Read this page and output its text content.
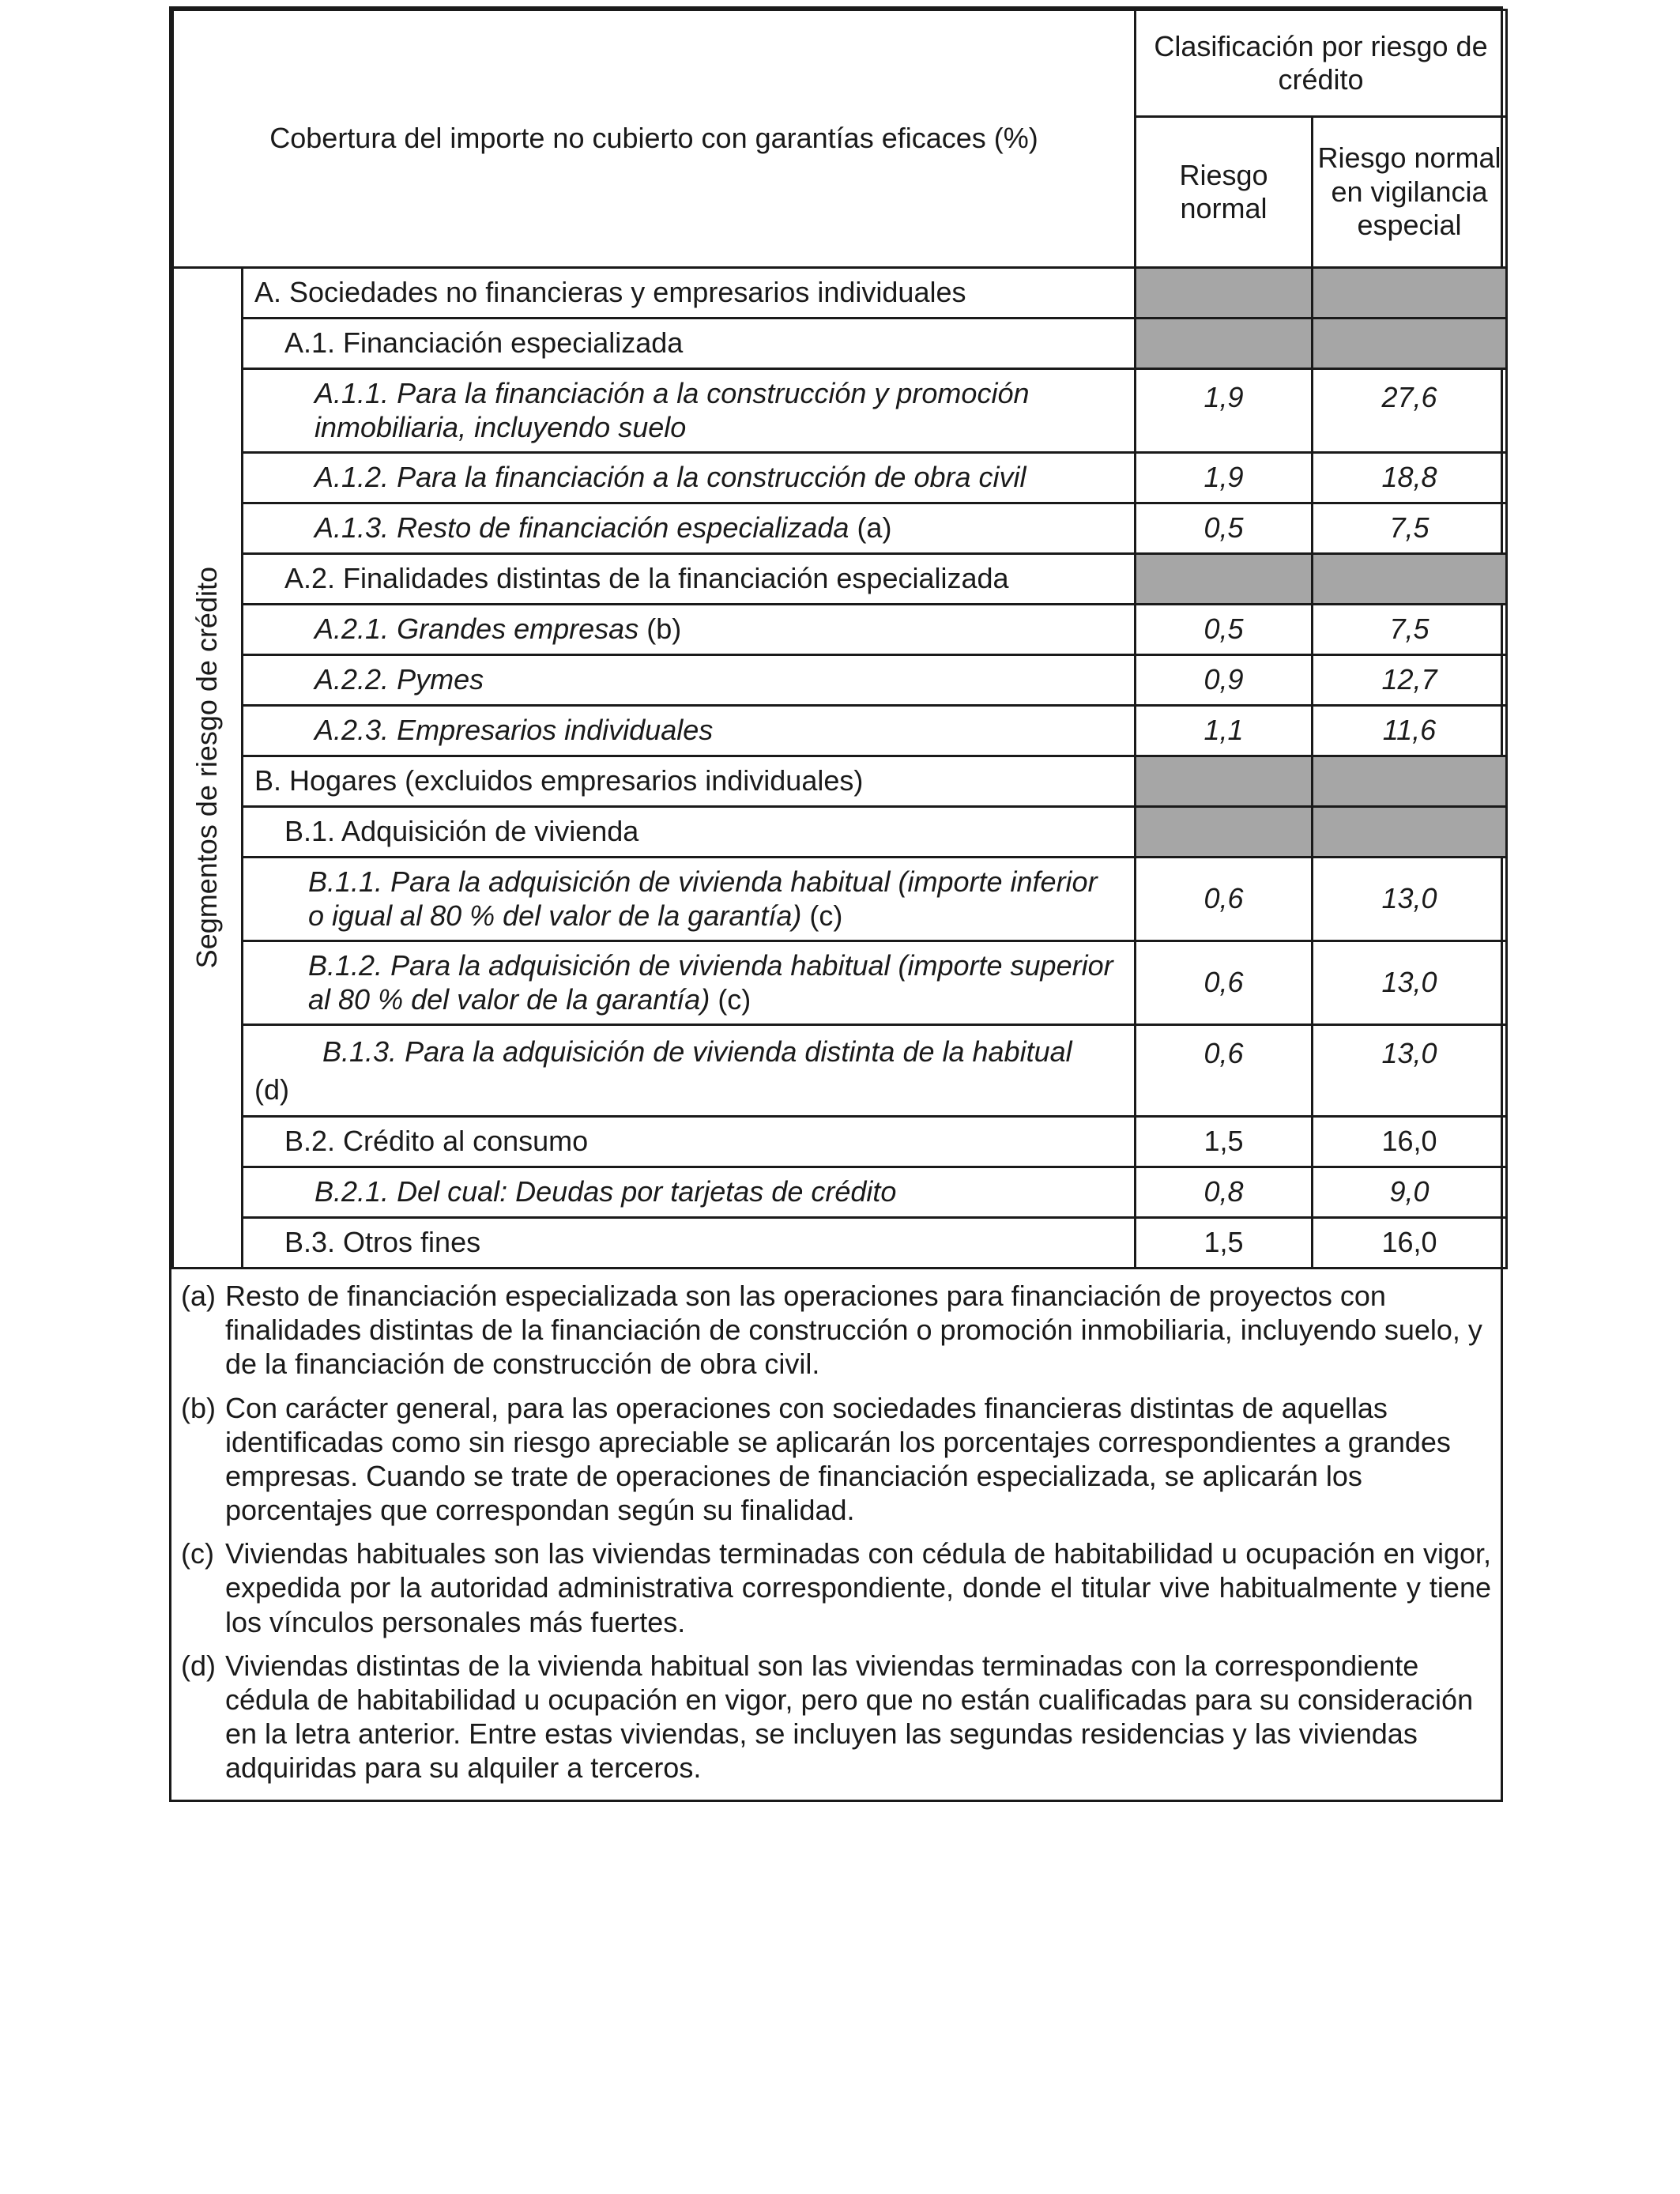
Cobertura del importe no cubierto con garantías eficaces (%)		Clasificación por riesgo de crédito	
		Riesgo normal	Riesgo normal en vigilancia especial

Segmentos de riesgo de crédito	A. Sociedades no financieras y empresarios individuales		
	A.1. Financiación especializada		
	A.1.1. Para la financiación a la construcción y promoción inmobiliaria, incluyendo suelo	1,9	27,6
	A.1.2. Para la financiación a la construcción de obra civil	1,9	18,8
	A.1.3. Resto de financiación especializada (a)	0,5	7,5
	A.2. Finalidades distintas de la financiación especializada		
	A.2.1. Grandes empresas (b)	0,5	7,5
	A.2.2. Pymes	0,9	12,7
	A.2.3. Empresarios individuales	1,1	11,6
	B. Hogares (excluidos empresarios individuales)		
	B.1. Adquisición de vivienda		
	B.1.1. Para la adquisición de vivienda habitual (importe inferior o igual al 80 % del valor de la garantía) (c)	0,6	13,0
	B.1.2. Para la adquisición de vivienda habitual (importe superior al 80 % del valor de la garantía) (c)	0,6	13,0

	B.1.3. Para la adquisición de vivienda distinta de la habitual
(d)	0,6	13,0
	B.2. Crédito al consumo	1,5	16,0
	B.2.1. Del cual: Deudas por tarjetas de crédito	0,8	9,0
	B.3. Otros fines	1,5	16,0
(a) Resto de financiación especializada son las operaciones para financiación de proyectos con finalidades distintas de la financiación de construcción o promoción inmobiliaria, incluyendo suelo, y de la financiación de construcción de obra civil.
(b) Con carácter general, para las operaciones con sociedades financieras distintas de aquellas identificadas como sin riesgo apreciable se aplicarán los porcentajes correspondientes a grandes empresas. Cuando se trate de operaciones de financiación especializada, se aplicarán los porcentajes que correspondan según su finalidad.
(c) Viviendas habituales son las viviendas terminadas con cédula de habitabilidad u ocupación en vigor, expedida por la autoridad administrativa correspondiente, donde el titular vive habitualmente y tiene los vínculos personales más fuertes.
(d) Viviendas distintas de la vivienda habitual son las viviendas terminadas con la correspondiente cédula de habitabilidad u ocupación en vigor, pero que no están cualificadas para su consideración en la letra anterior. Entre estas viviendas, se incluyen las segundas residencias y las viviendas adquiridas para su alquiler a terceros.
